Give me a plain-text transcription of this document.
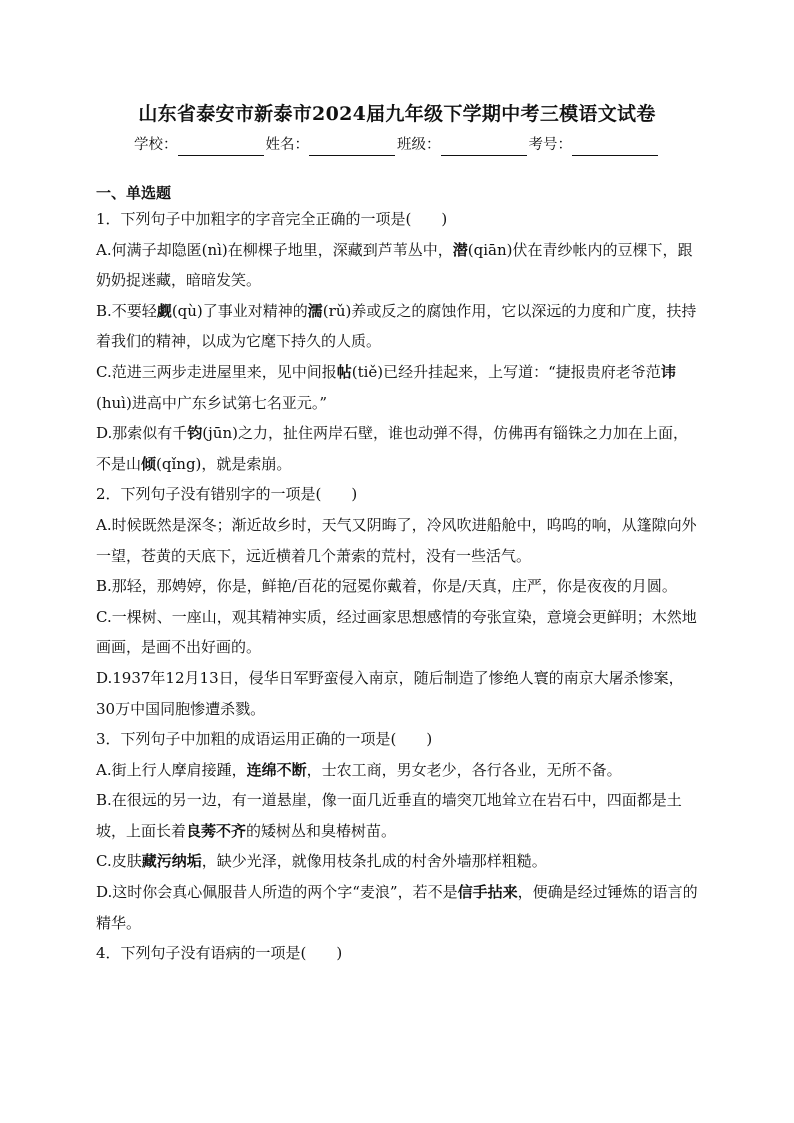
山东省泰安市新泰市2024届九年级下学期中考三模语文试卷
学校：	姓名：	班级：	考号：
一、单选题

1．下列句子中加粗字的字音完全正确的一项是(　　)

A.何满子却隐匿(nì)在柳棵子地里，深藏到芦苇丛中，潜(qiān)伏在青纱帐内的豆棵下，跟奶奶捉迷藏，暗暗发笑。

B.不要轻觑(qù)了事业对精神的濡(rǔ)养或反之的腐蚀作用，它以深远的力度和广度，扶持着我们的精神，以成为它麾下持久的人质。

C.范进三两步走进屋里来，见中间报帖(tiě)已经升挂起来，上写道：“捷报贵府老爷范讳(huì)进高中广东乡试第七名亚元。”

D.那索似有千钧(jūn)之力，扯住两岸石壁，谁也动弹不得，仿佛再有锱铢之力加在上面，不是山倾(qǐng)，就是索崩。

2．下列句子没有错别字的一项是(　　)

A.时候既然是深冬；渐近故乡时，天气又阴晦了，冷风吹进船舱中，呜呜的响，从篷隙向外一望，苍黄的天底下，远近横着几个萧索的荒村，没有一些活气。

B.那轻，那娉婷，你是，鲜艳/百花的冠冕你戴着，你是/天真，庄严，你是夜夜的月圆。

C.一棵树、一座山，观其精神实质，经过画家思想感情的夸张宣染，意境会更鲜明；木然地画画，是画不出好画的。

D.1937年12月13日，侵华日军野蛮侵入南京，随后制造了惨绝人寰的南京大屠杀惨案，30万中国同胞惨遭杀戮。

3．下列句子中加粗的成语运用正确的一项是(　　)

A.街上行人摩肩接踵，连绵不断，士农工商，男女老少，各行各业，无所不备。

B.在很远的另一边，有一道悬崖，像一面几近垂直的墙突兀地耸立在岩石中，四面都是土坡，上面长着良莠不齐的矮树丛和臭椿树苗。

C.皮肤藏污纳垢，缺少光泽，就像用枝条扎成的村舍外墙那样粗糙。

D.这时你会真心佩服昔人所造的两个字“麦浪”，若不是信手拈来，便确是经过锤炼的语言的精华。

4．下列句子没有语病的一项是(　　)
